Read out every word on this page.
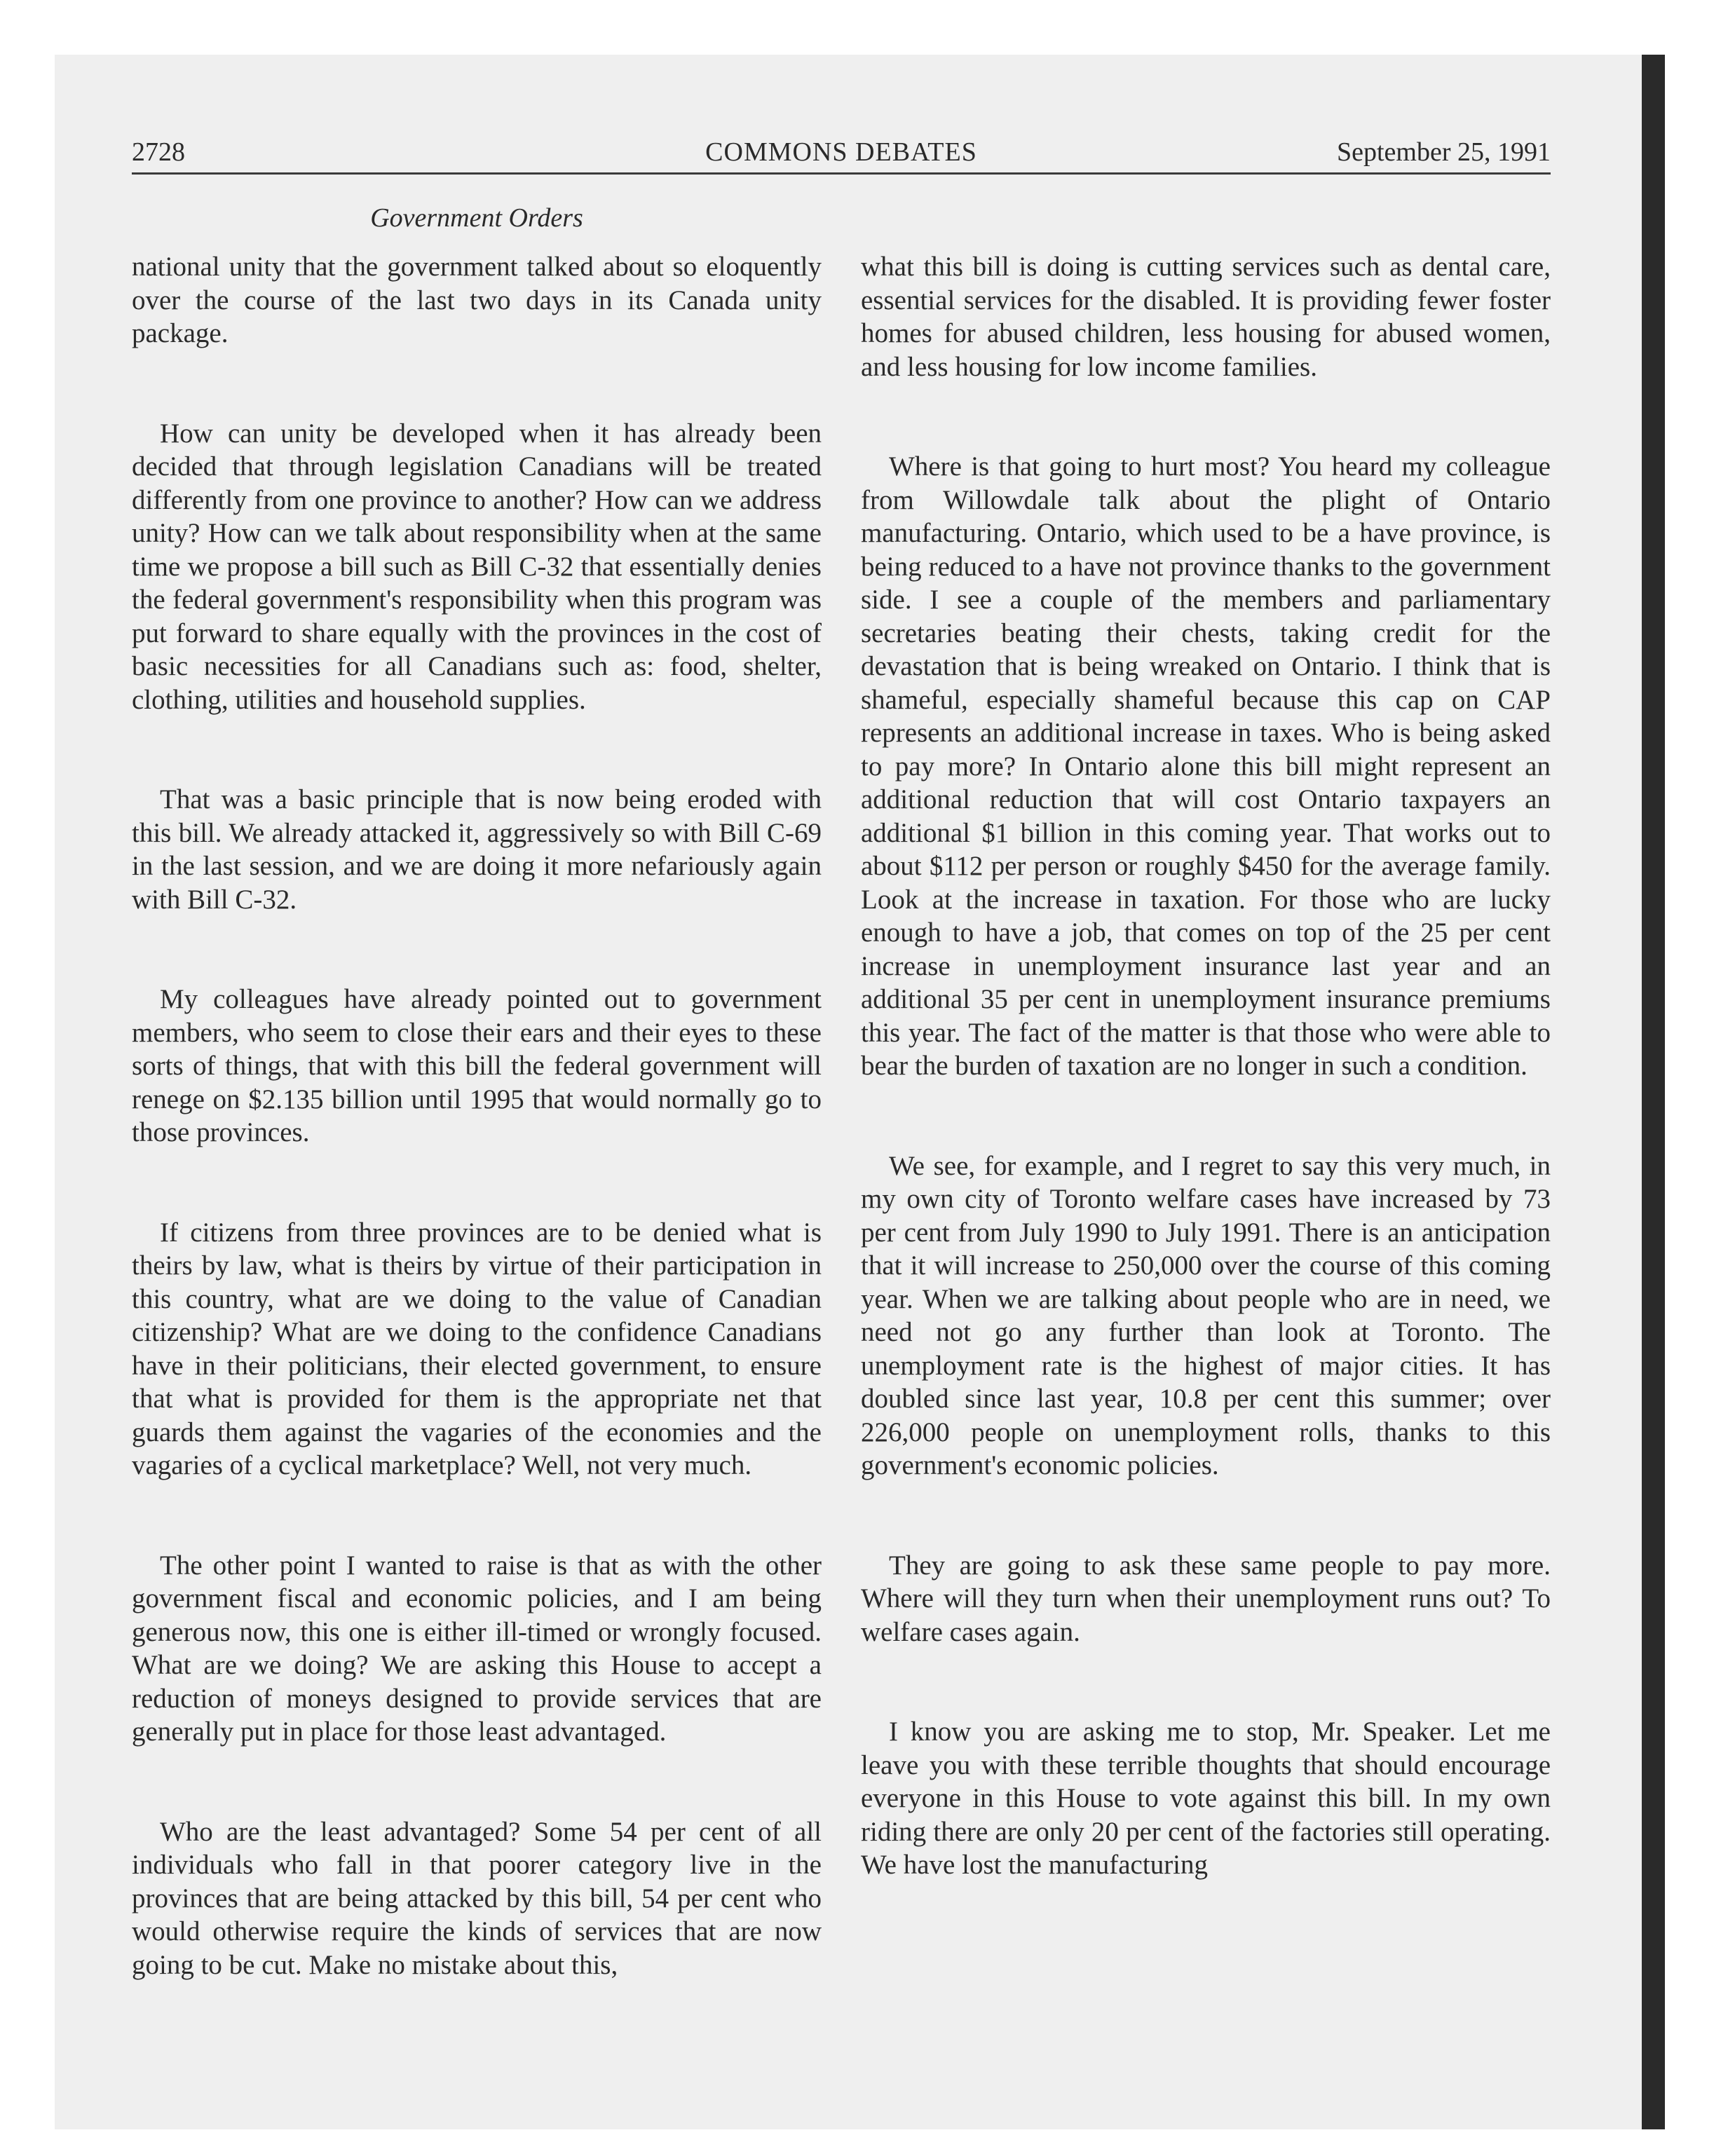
2728	COMMONS DEBATES	September 25, 1991
Government Orders

national unity that the government talked about so eloquently over the course of the last two days in its Canada unity package.

How can unity be developed when it has already been decided that through legislation Canadians will be treated differently from one province to another? How can we address unity? How can we talk about responsibility when at the same time we propose a bill such as Bill C-32 that essentially denies the federal government's responsibility when this program was put forward to share equally with the provinces in the cost of basic necessities for all Canadians such as: food, shelter, clothing, utilities and household supplies.

That was a basic principle that is now being eroded with this bill. We already attacked it, aggressively so with Bill C-69 in the last session, and we are doing it more nefariously again with Bill C-32.

My colleagues have already pointed out to government members, who seem to close their ears and their eyes to these sorts of things, that with this bill the federal government will renege on $2.135 billion until 1995 that would normally go to those provinces.

If citizens from three provinces are to be denied what is theirs by law, what is theirs by virtue of their participation in this country, what are we doing to the value of Canadian citizenship? What are we doing to the confidence Canadians have in their politicians, their elected government, to ensure that what is provided for them is the appropriate net that guards them against the vagaries of the economies and the vagaries of a cyclical marketplace? Well, not very much.

The other point I wanted to raise is that as with the other government fiscal and economic policies, and I am being generous now, this one is either ill-timed or wrongly focused. What are we doing? We are asking this House to accept a reduction of moneys designed to provide services that are generally put in place for those least advantaged.

Who are the least advantaged? Some 54 per cent of all individuals who fall in that poorer category live in the provinces that are being attacked by this bill, 54 per cent who would otherwise require the kinds of services that are now going to be cut. Make no mistake about this,

what this bill is doing is cutting services such as dental care, essential services for the disabled. It is providing fewer foster homes for abused children, less housing for abused women, and less housing for low income families.

Where is that going to hurt most? You heard my colleague from Willowdale talk about the plight of Ontario manufacturing. Ontario, which used to be a have province, is being reduced to a have not province thanks to the government side. I see a couple of the members and parliamentary secretaries beating their chests, taking credit for the devastation that is being wreaked on Ontario. I think that is shameful, especially shameful because this cap on CAP represents an additional increase in taxes. Who is being asked to pay more? In Ontario alone this bill might represent an additional reduction that will cost Ontario taxpayers an additional $1 billion in this coming year. That works out to about $112 per person or roughly $450 for the average family. Look at the increase in taxation. For those who are lucky enough to have a job, that comes on top of the 25 per cent increase in unemployment insurance last year and an additional 35 per cent in unemployment insurance premiums this year. The fact of the matter is that those who were able to bear the burden of taxation are no longer in such a condition.

We see, for example, and I regret to say this very much, in my own city of Toronto welfare cases have increased by 73 per cent from July 1990 to July 1991. There is an anticipation that it will increase to 250,000 over the course of this coming year. When we are talking about people who are in need, we need not go any further than look at Toronto. The unemployment rate is the highest of major cities. It has doubled since last year, 10.8 per cent this summer; over 226,000 people on unemployment rolls, thanks to this government's economic policies.

They are going to ask these same people to pay more. Where will they turn when their unemployment runs out? To welfare cases again.

I know you are asking me to stop, Mr. Speaker. Let me leave you with these terrible thoughts that should encourage everyone in this House to vote against this bill. In my own riding there are only 20 per cent of the factories still operating. We have lost the manufacturing
